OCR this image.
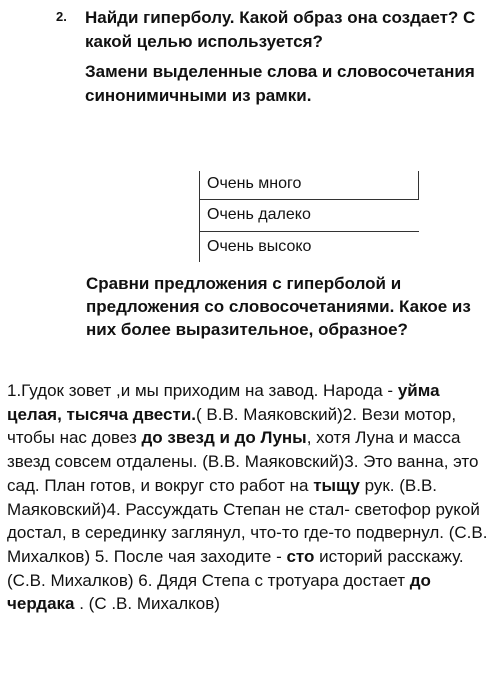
2.	Найди гиперболу. Какой образ она создает? С какой целью используется?

Замени выделенные слова и словосочетания синонимичными из рамки.

Очень много
Очень далеко
Очень высоко

Сравни предложения с гиперболой и предложения со словосочетаниями. Какое из них более выразительное, образное?

1.Гудок зовет ,и мы приходим на завод. Народа - уйма целая, тысяча двести.( В.В. Маяковский)2. Вези мотор, чтобы нас довез до звезд и до Луны, хотя Луна и масса звезд совсем отдалены. (В.В. Маяковский)3. Это ванна, это сад. План готов, и вокруг сто работ на тыщу рук. (В.В. Маяковский)4. Рассуждать Степан не стал- светофор рукой достал, в серединку заглянул, что-то где-то подвернул. (С.В. Михалков) 5. После чая заходите - сто историй расскажу. (С.В. Михалков) 6. Дядя Степа с тротуара достает до чердака . (С .В. Михалков)
